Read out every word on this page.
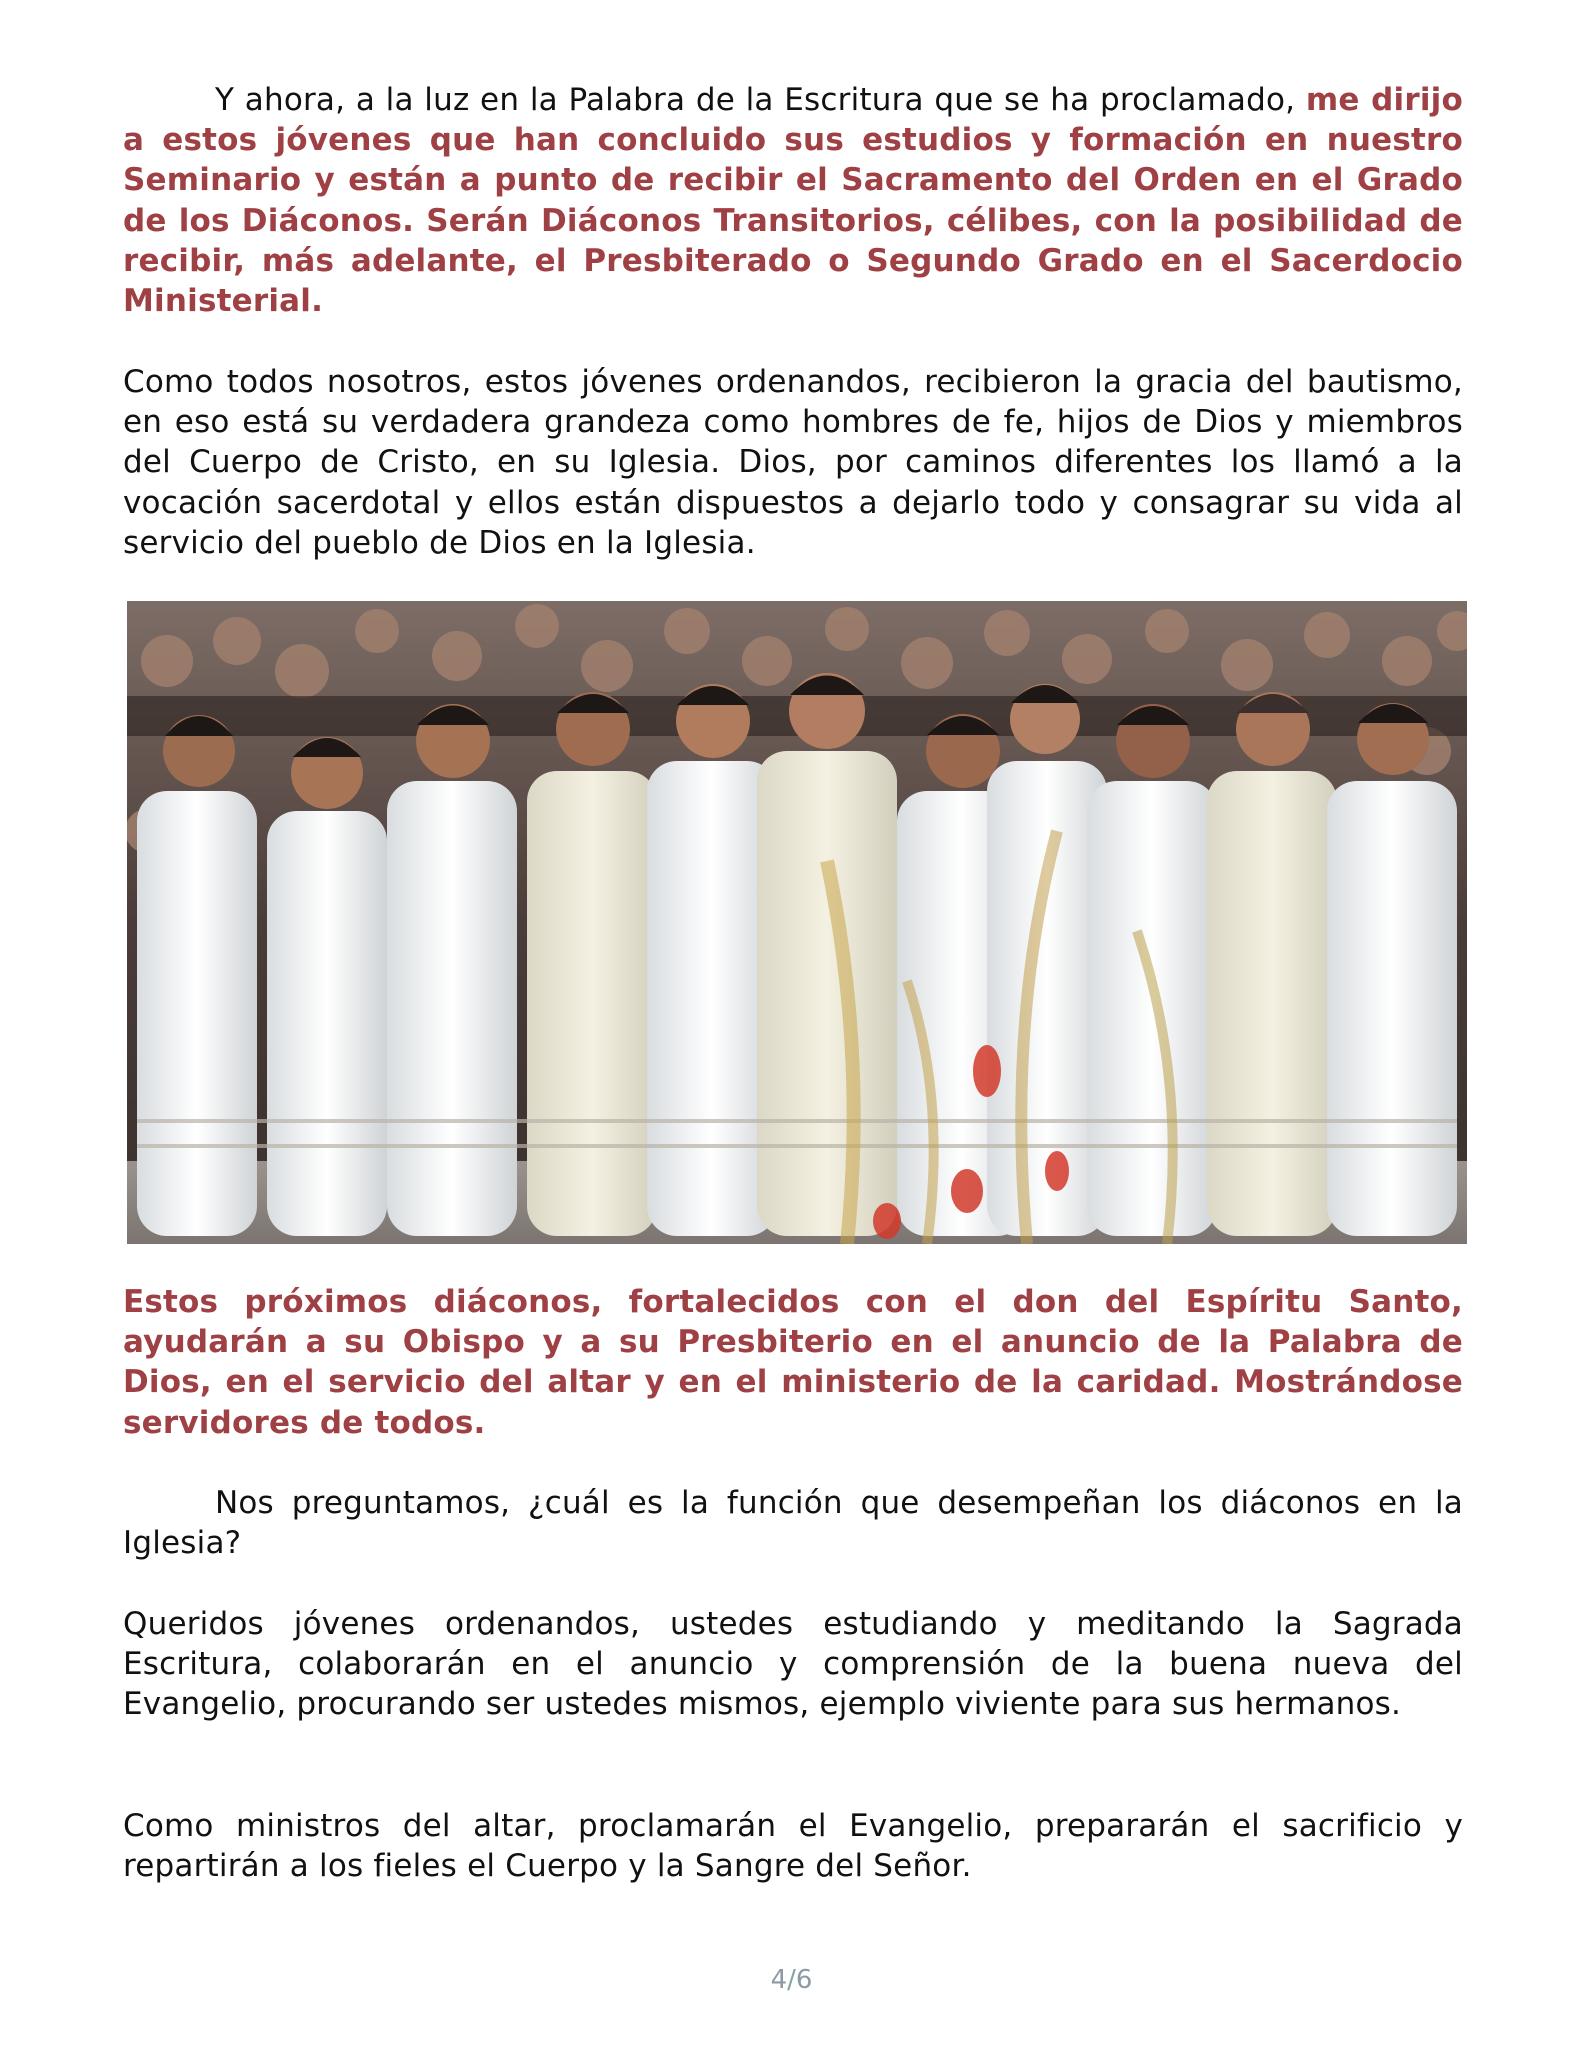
Y ahora, a la luz en la Palabra de la Escritura que se ha proclamado, me dirijo a estos jóvenes que han concluido sus estudios y formación en nuestro Seminario y están a punto de recibir el Sacramento del Orden en el Grado de los Diáconos. Serán Diáconos Transitorios, célibes, con la posibilidad de recibir, más adelante, el Presbiterado o Segundo Grado en el Sacerdocio Ministerial.

Como todos nosotros, estos jóvenes ordenandos, recibieron la gracia del bautismo, en eso está su verdadera grandeza como hombres de fe, hijos de Dios y miembros del Cuerpo de Cristo, en su Iglesia. Dios, por caminos diferentes los llamó a la vocación sacerdotal y ellos están dispuestos a dejarlo todo y consagrar su vida al servicio del pueblo de Dios en la Iglesia.

Estos próximos diáconos, fortalecidos con el don del Espíritu Santo, ayudarán a su Obispo y a su Presbiterio en el anuncio de la Palabra de Dios, en el servicio del altar y en el ministerio de la caridad. Mostrándose servidores de todos.

Nos preguntamos, ¿cuál es la función que desempeñan los diáconos en la Iglesia?

Queridos jóvenes ordenandos, ustedes estudiando y meditando la Sagrada Escritura, colaborarán en el anuncio y comprensión de la buena nueva del Evangelio, procurando ser ustedes mismos, ejemplo viviente para sus hermanos.

Como ministros del altar, proclamarán el Evangelio, prepararán el sacrificio y repartirán a los fieles el Cuerpo y la Sangre del Señor.

4/6
